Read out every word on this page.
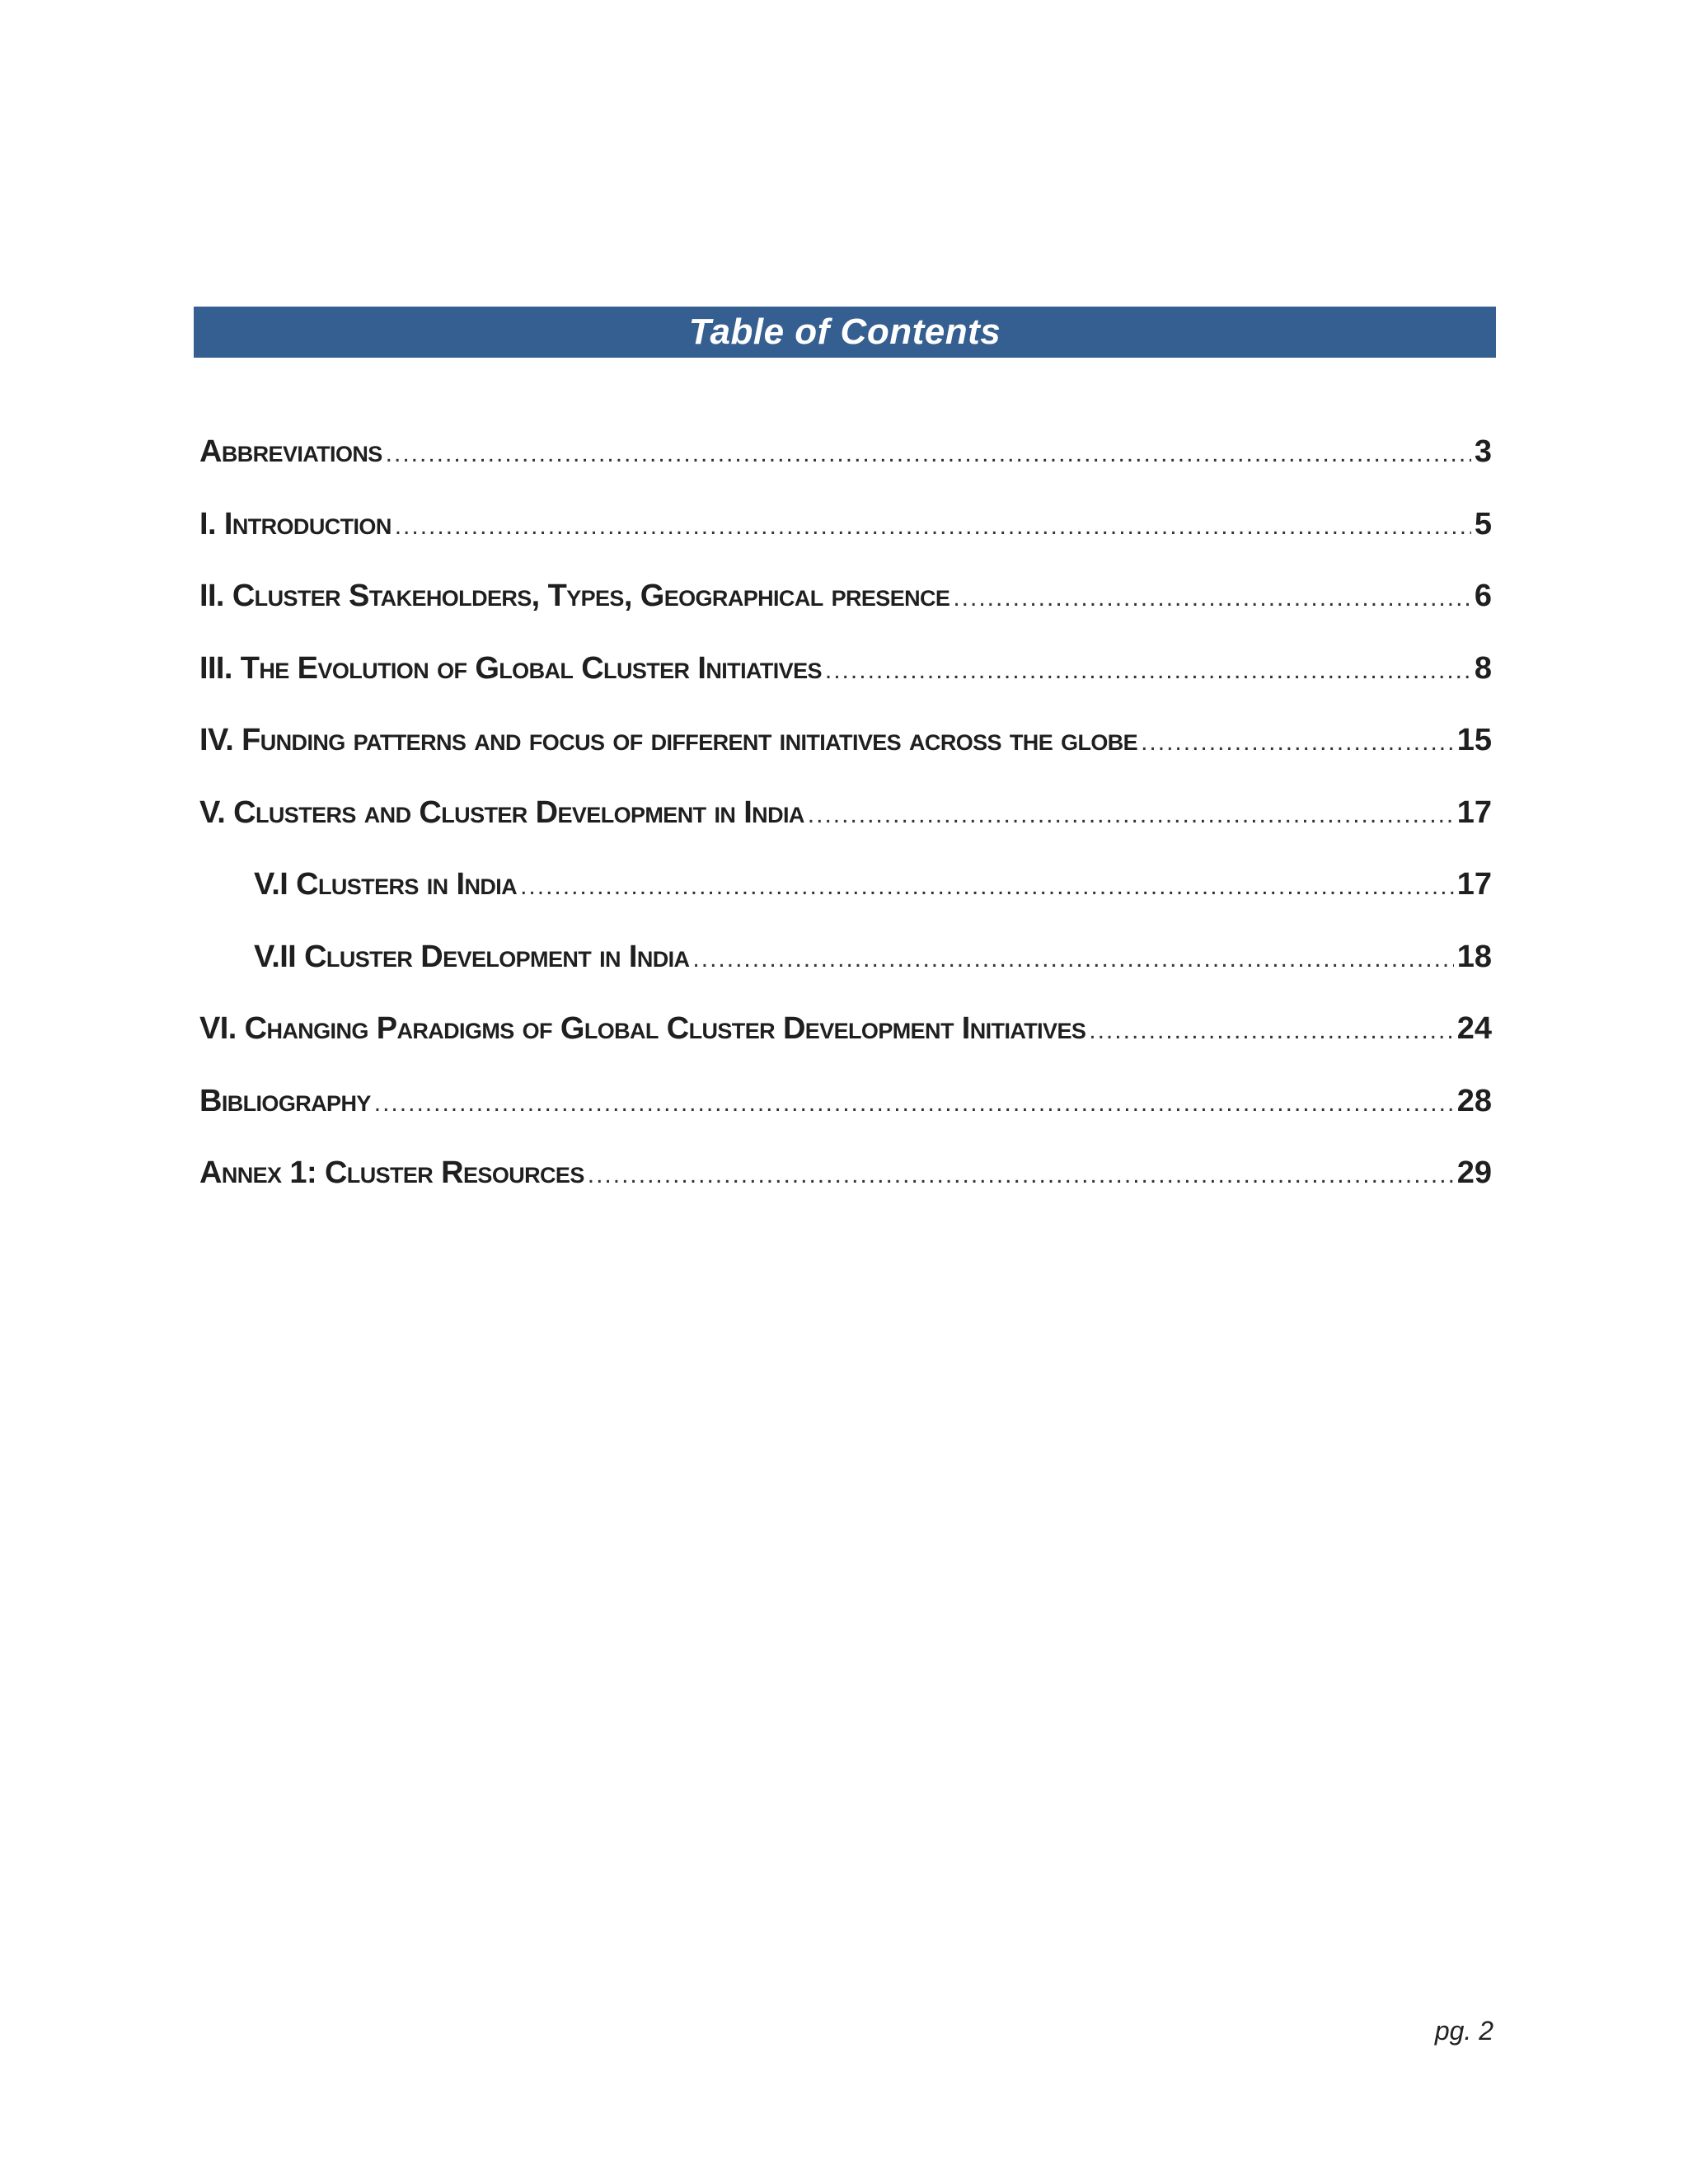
Table of Contents
Abbreviations .....	3
I. Introduction .....	5
II. Cluster Stakeholders, Types, Geographical presence .....	6
III. The Evolution of Global Cluster Initiatives .....	8
IV. Funding patterns and focus of different initiatives across the globe .....	15
V. Clusters and Cluster Development in India .....	17
V.I Clusters in India .....	17
V.II Cluster Development in India .....	18
VI. Changing Paradigms of Global Cluster Development Initiatives .....	24
Bibliography .....	28
Annex 1: Cluster Resources .....	29
pg. 2
